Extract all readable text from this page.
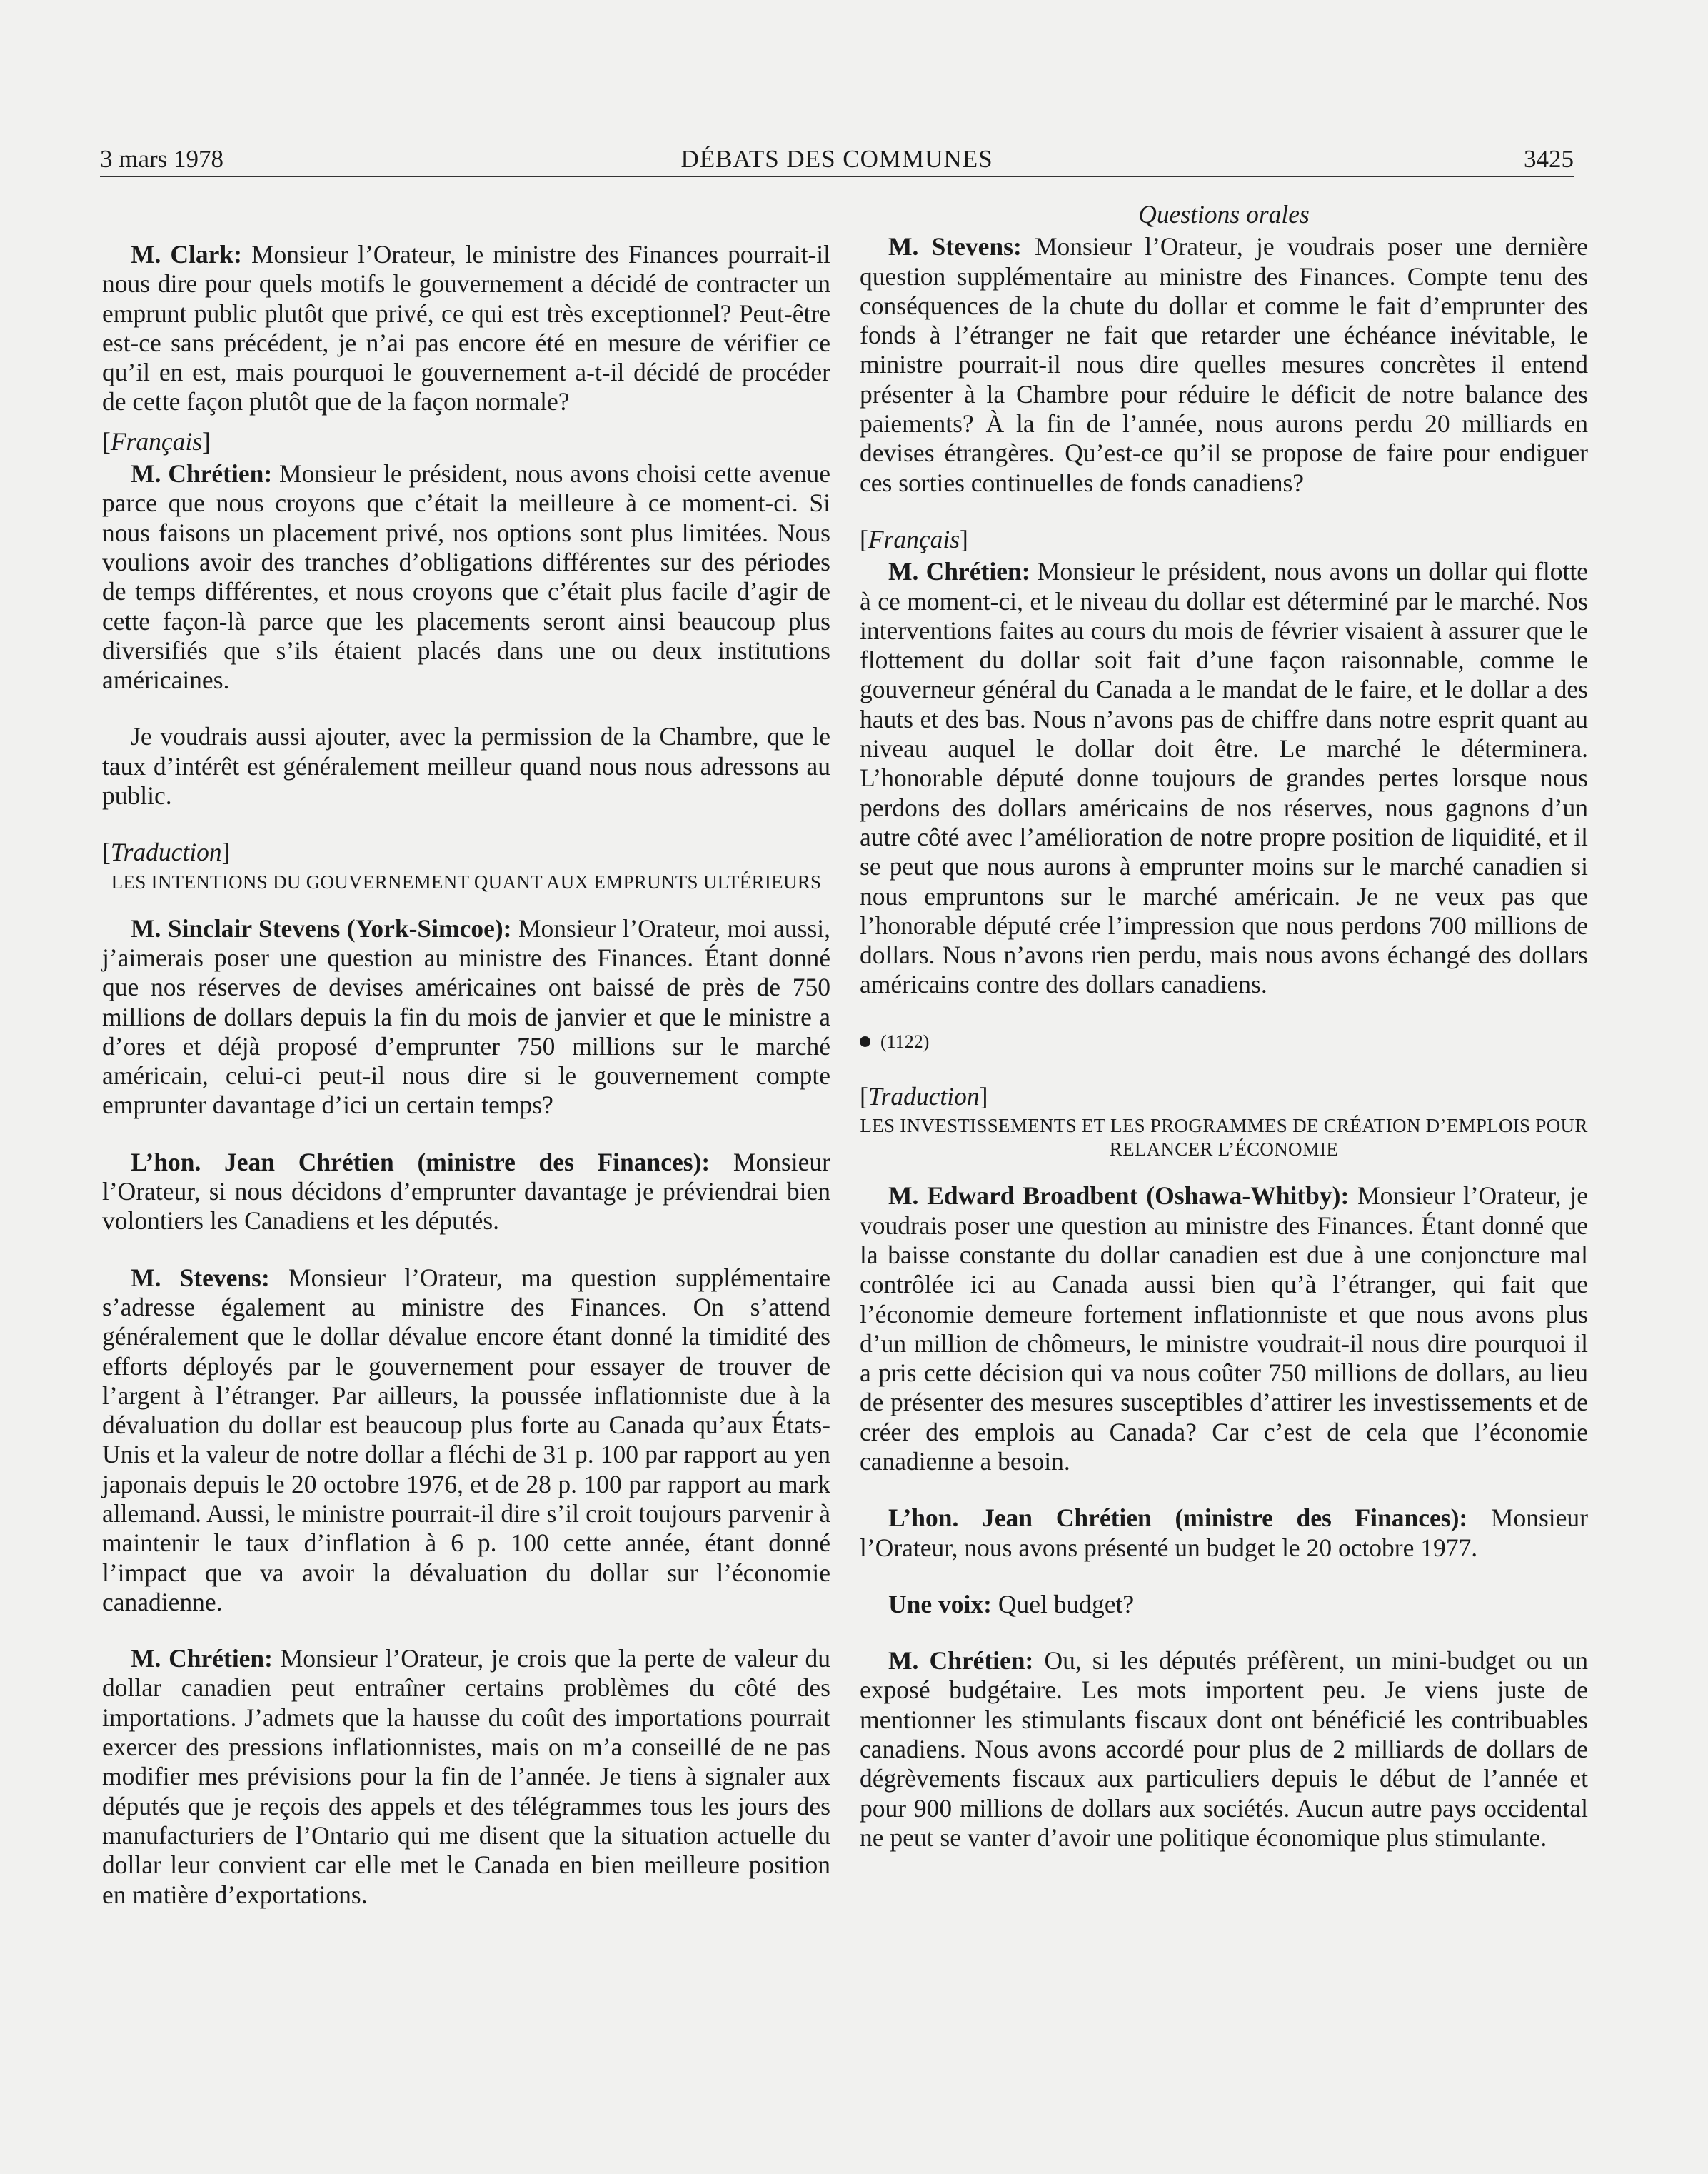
3 mars 1978	DÉBATS DES COMMUNES	3425

M. Clark: Monsieur l’Orateur, le ministre des Finances pourrait-il nous dire pour quels motifs le gouvernement a décidé de contracter un emprunt public plutôt que privé, ce qui est très exceptionnel? Peut-être est-ce sans précédent, je n’ai pas encore été en mesure de vérifier ce qu’il en est, mais pourquoi le gouvernement a-t-il décidé de procéder de cette façon plutôt que de la façon normale?

[Français]

M. Chrétien: Monsieur le président, nous avons choisi cette avenue parce que nous croyons que c’était la meilleure à ce moment-ci. Si nous faisons un placement privé, nos options sont plus limitées. Nous voulions avoir des tranches d’obligations différentes sur des périodes de temps différentes, et nous croyons que c’était plus facile d’agir de cette façon-là parce que les placements seront ainsi beaucoup plus diversifiés que s’ils étaient placés dans une ou deux institutions américaines.

Je voudrais aussi ajouter, avec la permission de la Chambre, que le taux d’intérêt est généralement meilleur quand nous nous adressons au public.

[Traduction]

LES INTENTIONS DU GOUVERNEMENT QUANT AUX EMPRUNTS ULTÉRIEURS

M. Sinclair Stevens (York-Simcoe): Monsieur l’Orateur, moi aussi, j’aimerais poser une question au ministre des Finances. Étant donné que nos réserves de devises américaines ont baissé de près de 750 millions de dollars depuis la fin du mois de janvier et que le ministre a d’ores et déjà proposé d’emprunter 750 millions sur le marché américain, celui-ci peut-il nous dire si le gouvernement compte emprunter davantage d’ici un certain temps?

L’hon. Jean Chrétien (ministre des Finances): Monsieur l’Orateur, si nous décidons d’emprunter davantage je préviendrai bien volontiers les Canadiens et les députés.

M. Stevens: Monsieur l’Orateur, ma question supplémentaire s’adresse également au ministre des Finances. On s’attend généralement que le dollar dévalue encore étant donné la timidité des efforts déployés par le gouvernement pour essayer de trouver de l’argent à l’étranger. Par ailleurs, la poussée inflationniste due à la dévaluation du dollar est beaucoup plus forte au Canada qu’aux États-Unis et la valeur de notre dollar a fléchi de 31 p. 100 par rapport au yen japonais depuis le 20 octobre 1976, et de 28 p. 100 par rapport au mark allemand. Aussi, le ministre pourrait-il dire s’il croit toujours parvenir à maintenir le taux d’inflation à 6 p. 100 cette année, étant donné l’impact que va avoir la dévaluation du dollar sur l’économie canadienne.

M. Chrétien: Monsieur l’Orateur, je crois que la perte de valeur du dollar canadien peut entraîner certains problèmes du côté des importations. J’admets que la hausse du coût des importations pourrait exercer des pressions inflationnistes, mais on m’a conseillé de ne pas modifier mes prévisions pour la fin de l’année. Je tiens à signaler aux députés que je reçois des appels et des télégrammes tous les jours des manufacturiers de l’Ontario qui me disent que la situation actuelle du dollar leur convient car elle met le Canada en bien meilleure position en matière d’exportations.

Questions orales

M. Stevens: Monsieur l’Orateur, je voudrais poser une dernière question supplémentaire au ministre des Finances. Compte tenu des conséquences de la chute du dollar et comme le fait d’emprunter des fonds à l’étranger ne fait que retarder une échéance inévitable, le ministre pourrait-il nous dire quelles mesures concrètes il entend présenter à la Chambre pour réduire le déficit de notre balance des paiements? À la fin de l’année, nous aurons perdu 20 milliards en devises étrangères. Qu’est-ce qu’il se propose de faire pour endiguer ces sorties continuelles de fonds canadiens?

[Français]

M. Chrétien: Monsieur le président, nous avons un dollar qui flotte à ce moment-ci, et le niveau du dollar est déterminé par le marché. Nos interventions faites au cours du mois de février visaient à assurer que le flottement du dollar soit fait d’une façon raisonnable, comme le gouverneur général du Canada a le mandat de le faire, et le dollar a des hauts et des bas. Nous n’avons pas de chiffre dans notre esprit quant au niveau auquel le dollar doit être. Le marché le déterminera. L’honorable député donne toujours de grandes pertes lorsque nous perdons des dollars américains de nos réserves, nous gagnons d’un autre côté avec l’amélioration de notre propre position de liquidité, et il se peut que nous aurons à emprunter moins sur le marché canadien si nous empruntons sur le marché américain. Je ne veux pas que l’honorable député crée l’impression que nous perdons 700 millions de dollars. Nous n’avons rien perdu, mais nous avons échangé des dollars américains contre des dollars canadiens.

(1122)

[Traduction]

LES INVESTISSEMENTS ET LES PROGRAMMES DE CRÉATION D’EMPLOIS POUR RELANCER L’ÉCONOMIE

M. Edward Broadbent (Oshawa-Whitby): Monsieur l’Orateur, je voudrais poser une question au ministre des Finances. Étant donné que la baisse constante du dollar canadien est due à une conjoncture mal contrôlée ici au Canada aussi bien qu’à l’étranger, qui fait que l’économie demeure fortement inflationniste et que nous avons plus d’un million de chômeurs, le ministre voudrait-il nous dire pourquoi il a pris cette décision qui va nous coûter 750 millions de dollars, au lieu de présenter des mesures susceptibles d’attirer les investissements et de créer des emplois au Canada? Car c’est de cela que l’économie canadienne a besoin.

L’hon. Jean Chrétien (ministre des Finances): Monsieur l’Orateur, nous avons présenté un budget le 20 octobre 1977.

Une voix: Quel budget?

M. Chrétien: Ou, si les députés préfèrent, un mini-budget ou un exposé budgétaire. Les mots importent peu. Je viens juste de mentionner les stimulants fiscaux dont ont bénéficié les contribuables canadiens. Nous avons accordé pour plus de 2 milliards de dollars de dégrèvements fiscaux aux particuliers depuis le début de l’année et pour 900 millions de dollars aux sociétés. Aucun autre pays occidental ne peut se vanter d’avoir une politique économique plus stimulante.
